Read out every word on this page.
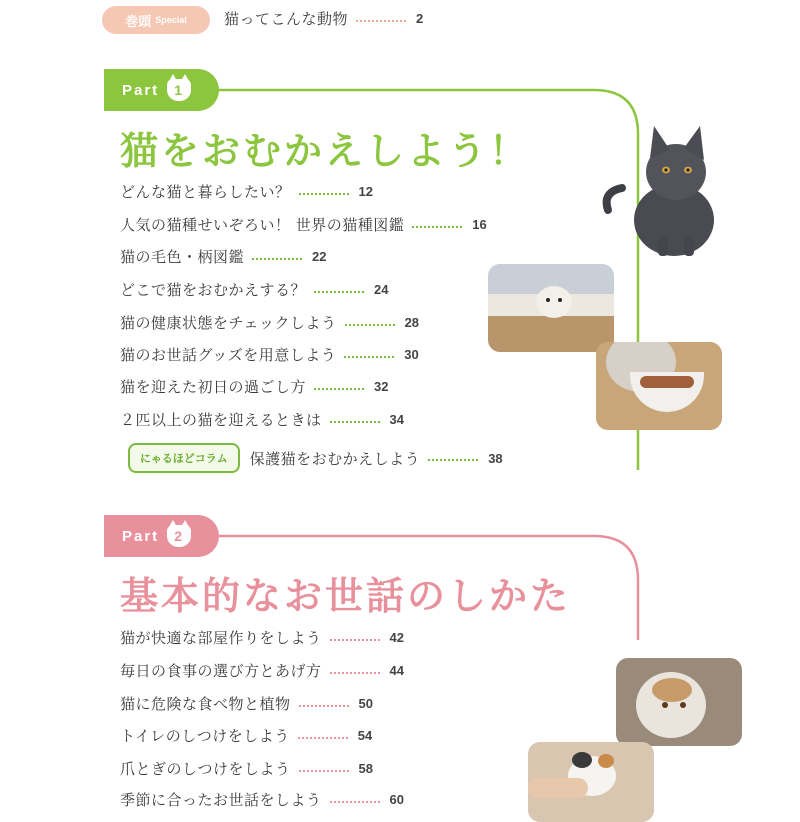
巻頭 Special 猫ってこんな動物	2
Part	1
猫をおむかえしよう！
どんな猫と暮らしたい？	12
人気の猫種せいぞろい！ 世界の猫種図鑑	16
猫の毛色・柄図鑑	22
どこで猫をおむかえする？	24
猫の健康状態をチェックしよう	28
猫のお世話グッズを用意しよう	30
猫を迎えた初日の過ごし方	32
２匹以上の猫を迎えるときは	34
にゃるほどコラム	保護猫をおむかえしよう	38
Part	2
基本的なお世話のしかた
猫が快適な部屋作りをしよう	42
毎日の食事の選び方とあげ方	44
猫に危険な食べ物と植物	50
トイレのしつけをしよう	54
爪とぎのしつけをしよう	58
季節に合ったお世話をしよう	60
